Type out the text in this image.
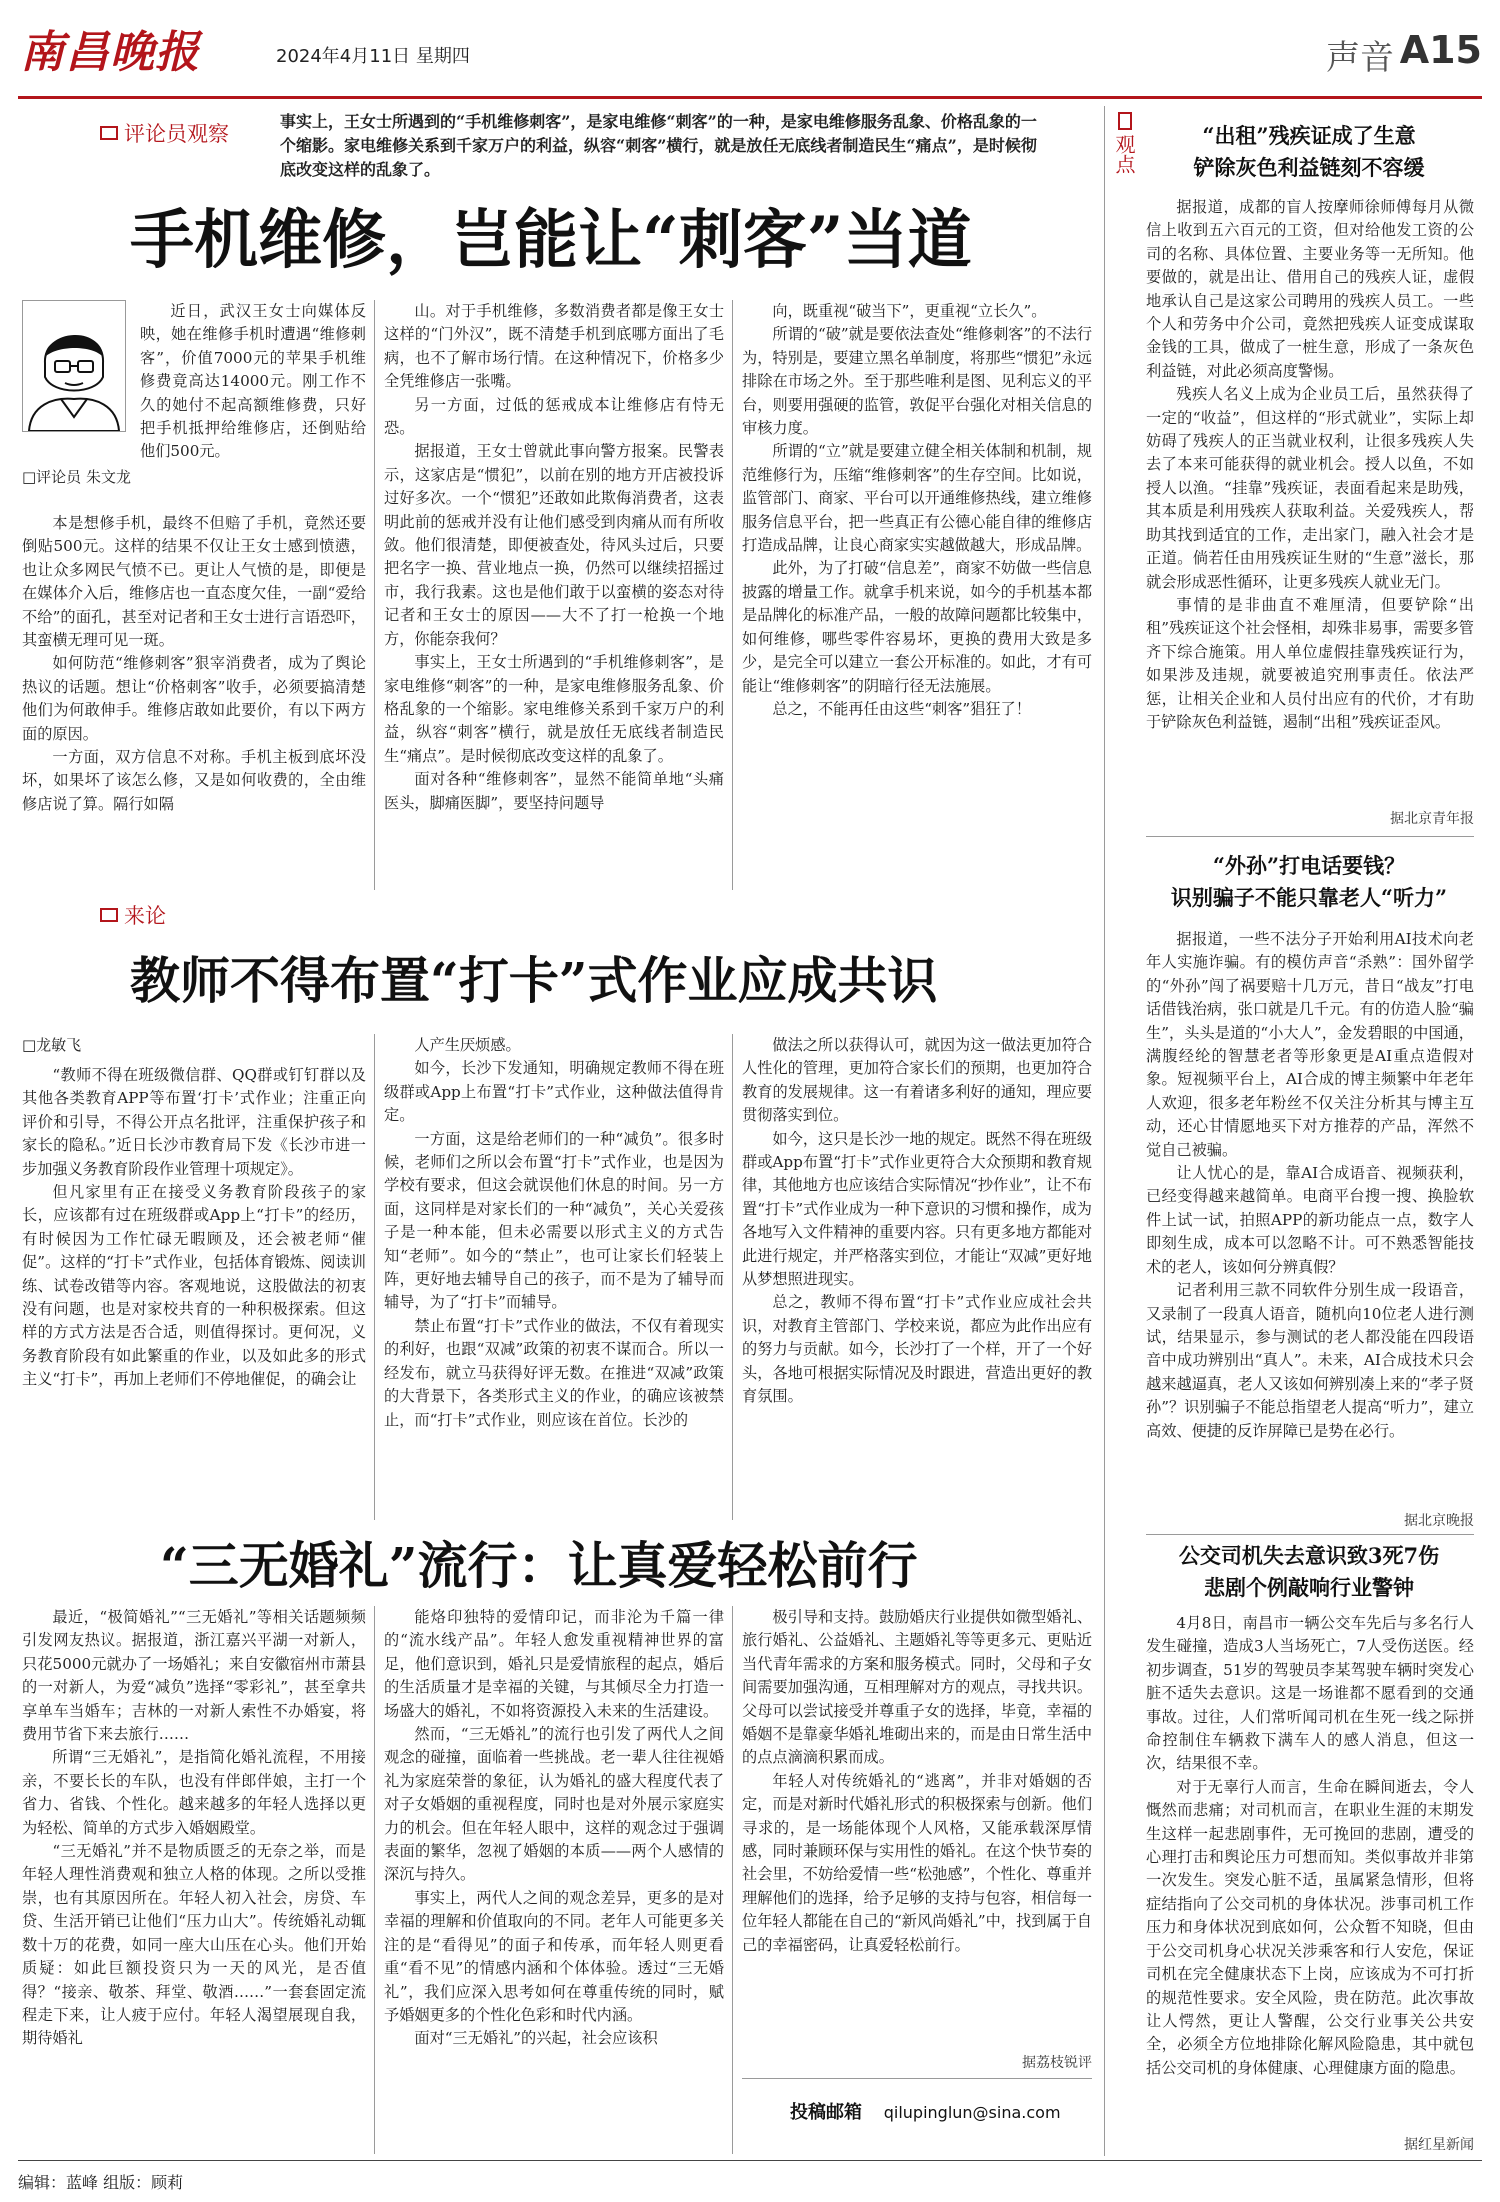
南昌晚报	2024年4月11日 星期四	声音 A15
评论员观察
事实上，王女士所遇到的“手机维修刺客”，是家电维修“刺客”的一种，是家电维修服务乱象、价格乱象的一个缩影。家电维修关系到千家万户的利益，纵容“刺客”横行，就是放任无底线者制造民生“痛点”，是时候彻底改变这样的乱象了。
手机维修，岂能让“刺客”当道
□评论员 朱文龙

近日，武汉王女士向媒体反映，她在维修手机时遭遇“维修刺客”，价值7000元的苹果手机维修费竟高达14000元。刚工作不久的她付不起高额维修费，只好把手机抵押给维修店，还倒贴给他们500元。

本是想修手机，最终不但赔了手机，竟然还要倒贴500元。这样的结果不仅让王女士感到愤懑，也让众多网民气愤不已。更让人气愤的是，即便是在媒体介入后，维修店也一直态度欠佳，一副“爱给不给”的面孔，甚至对记者和王女士进行言语恐吓，其蛮横无理可见一斑。

如何防范“维修刺客”狠宰消费者，成为了舆论热议的话题。想让“价格刺客”收手，必须要搞清楚他们为何敢伸手。维修店敢如此要价，有以下两方面的原因。

一方面，双方信息不对称。手机主板到底坏没坏，如果坏了该怎么修，又是如何收费的，全由维修店说了算。隔行如隔

山。对于手机维修，多数消费者都是像王女士这样的“门外汉”，既不清楚手机到底哪方面出了毛病，也不了解市场行情。在这种情况下，价格多少全凭维修店一张嘴。

另一方面，过低的惩戒成本让维修店有恃无恐。

据报道，王女士曾就此事向警方报案。民警表示，这家店是“惯犯”，以前在别的地方开店被投诉过好多次。一个“惯犯”还敢如此欺侮消费者，这表明此前的惩戒并没有让他们感受到肉痛从而有所收敛。他们很清楚，即便被查处，待风头过后，只要把名字一换、营业地点一换，仍然可以继续招摇过市，我行我素。这也是他们敢于以蛮横的姿态对待记者和王女士的原因——大不了打一枪换一个地方，你能奈我何？

事实上，王女士所遇到的“手机维修刺客”，是家电维修“刺客”的一种，是家电维修服务乱象、价格乱象的一个缩影。家电维修关系到千家万户的利益，纵容“刺客”横行，就是放任无底线者制造民生“痛点”。是时候彻底改变这样的乱象了。

面对各种“维修刺客”，显然不能简单地“头痛医头，脚痛医脚”，要坚持问题导

向，既重视“破当下”，更重视“立长久”。

所谓的“破”就是要依法查处“维修刺客”的不法行为，特别是，要建立黑名单制度，将那些“惯犯”永远排除在市场之外。至于那些唯利是图、见利忘义的平台，则要用强硬的监管，敦促平台强化对相关信息的审核力度。

所谓的“立”就是要建立健全相关体制和机制，规范维修行为，压缩“维修刺客”的生存空间。比如说，监管部门、商家、平台可以开通维修热线，建立维修服务信息平台，把一些真正有公德心能自律的维修店打造成品牌，让良心商家实实越做越大，形成品牌。

此外，为了打破“信息差”，商家不妨做一些信息披露的增量工作。就拿手机来说，如今的手机基本都是品牌化的标准产品，一般的故障问题都比较集中，如何维修，哪些零件容易坏，更换的费用大致是多少，是完全可以建立一套公开标准的。如此，才有可能让“维修刺客”的阴暗行径无法施展。

总之，不能再任由这些“刺客”猖狂了！

来论
教师不得布置“打卡”式作业应成共识
□龙敏飞

“教师不得在班级微信群、QQ群或钉钉群以及其他各类教育APP等布置‘打卡’式作业；注重正向评价和引导，不得公开点名批评，注重保护孩子和家长的隐私。”近日长沙市教育局下发《长沙市进一步加强义务教育阶段作业管理十项规定》。

但凡家里有正在接受义务教育阶段孩子的家长，应该都有过在班级群或App上“打卡”的经历，有时候因为工作忙碌无暇顾及，还会被老师“催促”。这样的“打卡”式作业，包括体育锻炼、阅读训练、试卷改错等内容。客观地说，这股做法的初衷没有问题，也是对家校共育的一种积极探索。但这样的方式方法是否合适，则值得探讨。更何况，义务教育阶段有如此繁重的作业，以及如此多的形式主义“打卡”，再加上老师们不停地催促，的确会让

人产生厌烦感。

如今，长沙下发通知，明确规定教师不得在班级群或App上布置“打卡”式作业，这种做法值得肯定。

一方面，这是给老师们的一种“减负”。很多时候，老师们之所以会布置“打卡”式作业，也是因为学校有要求，但这会就误他们休息的时间。另一方面，这同样是对家长们的一种“减负”，关心关爱孩子是一种本能，但未必需要以形式主义的方式告知“老师”。如今的“禁止”，也可让家长们轻装上阵，更好地去辅导自己的孩子，而不是为了辅导而辅导，为了“打卡”而辅导。

禁止布置“打卡”式作业的做法，不仅有着现实的利好，也跟“双减”政策的初衷不谋而合。所以一经发布，就立马获得好评无数。在推进“双减”政策的大背景下，各类形式主义的作业，的确应该被禁止，而“打卡”式作业，则应该在首位。长沙的

做法之所以获得认可，就因为这一做法更加符合人性化的管理，更加符合家长们的预期，也更加符合教育的发展规律。这一有着诸多利好的通知，理应要贯彻落实到位。

如今，这只是长沙一地的规定。既然不得在班级群或App布置“打卡”式作业更符合大众预期和教育规律，其他地方也应该结合实际情况“抄作业”，让不布置“打卡”式作业成为一种下意识的习惯和操作，成为各地写入文件精神的重要内容。只有更多地方都能对此进行规定，并严格落实到位，才能让“双减”更好地从梦想照进现实。

总之，教师不得布置“打卡”式作业应成社会共识，对教育主管部门、学校来说，都应为此作出应有的努力与贡献。如今，长沙打了一个样，开了一个好头，各地可根据实际情况及时跟进，营造出更好的教育氛围。

“三无婚礼”流行：让真爱轻松前行

最近，“极简婚礼”“三无婚礼”等相关话题频频引发网友热议。据报道，浙江嘉兴平湖一对新人，只花5000元就办了一场婚礼；来自安徽宿州市萧县的一对新人，为爱“减负”选择“零彩礼”，甚至拿共享单车当婚车；吉林的一对新人索性不办婚宴，将费用节省下来去旅行……

所谓“三无婚礼”，是指简化婚礼流程，不用接亲，不要长长的车队，也没有伴郎伴娘，主打一个省力、省钱、个性化。越来越多的年轻人选择以更为轻松、简单的方式步入婚姻殿堂。

“三无婚礼”并不是物质匮乏的无奈之举，而是年轻人理性消费观和独立人格的体现。之所以受推崇，也有其原因所在。年轻人初入社会，房贷、车贷、生活开销已让他们“压力山大”。传统婚礼动辄数十万的花费，如同一座大山压在心头。他们开始质疑：如此巨额投资只为一天的风光，是否值得？“接亲、敬茶、拜堂、敬酒……”一套套固定流程走下来，让人疲于应付。年轻人渴望展现自我，期待婚礼

能烙印独特的爱情印记，而非沦为千篇一律的“流水线产品”。年轻人愈发重视精神世界的富足，他们意识到，婚礼只是爱情旅程的起点，婚后的生活质量才是幸福的关键，与其倾尽全力打造一场盛大的婚礼，不如将资源投入未来的生活建设。

然而，“三无婚礼”的流行也引发了两代人之间观念的碰撞，面临着一些挑战。老一辈人往往视婚礼为家庭荣誉的象征，认为婚礼的盛大程度代表了对子女婚姻的重视程度，同时也是对外展示家庭实力的机会。但在年轻人眼中，这样的观念过于强调表面的繁华，忽视了婚姻的本质——两个人感情的深沉与持久。

事实上，两代人之间的观念差异，更多的是对幸福的理解和价值取向的不同。老年人可能更多关注的是“看得见”的面子和传承，而年轻人则更看重“看不见”的情感内涵和个体体验。透过“三无婚礼”，我们应深入思考如何在尊重传统的同时，赋予婚姻更多的个性化色彩和时代内涵。

面对“三无婚礼”的兴起，社会应该积

极引导和支持。鼓励婚庆行业提供如微型婚礼、旅行婚礼、公益婚礼、主题婚礼等等更多元、更贴近当代青年需求的方案和服务模式。同时，父母和子女间需要加强沟通，互相理解对方的观点，寻找共识。父母可以尝试接受并尊重子女的选择，毕竟，幸福的婚姻不是靠豪华婚礼堆砌出来的，而是由日常生活中的点点滴滴积累而成。

年轻人对传统婚礼的“逃离”，并非对婚姻的否定，而是对新时代婚礼形式的积极探索与创新。他们寻求的，是一场能体现个人风格，又能承载深厚情感，同时兼顾环保与实用性的婚礼。在这个快节奏的社会里，不妨给爱情一些“松弛感”，个性化、尊重并理解他们的选择，给予足够的支持与包容，相信每一位年轻人都能在自己的“新风尚婚礼”中，找到属于自己的幸福密码，让真爱轻松前行。

据荔枝锐评
投稿邮箱 qilupinglun@sina.com
观点	“出租”残疾证成了生意
铲除灰色利益链刻不容缓

据报道，成都的盲人按摩师徐师傅每月从微信上收到五六百元的工资，但对给他发工资的公司的名称、具体位置、主要业务等一无所知。他要做的，就是出让、借用自己的残疾人证，虚假地承认自己是这家公司聘用的残疾人员工。一些个人和劳务中介公司，竟然把残疾人证变成谋取金钱的工具，做成了一桩生意，形成了一条灰色利益链，对此必须高度警惕。

残疾人名义上成为企业员工后，虽然获得了一定的“收益”，但这样的“形式就业”，实际上却妨碍了残疾人的正当就业权利，让很多残疾人失去了本来可能获得的就业机会。授人以鱼，不如授人以渔。“挂靠”残疾证，表面看起来是助残，其本质是利用残疾人获取利益。关爱残疾人，帮助其找到适宜的工作，走出家门，融入社会才是正道。倘若任由用残疾证生财的“生意”滋长，那就会形成恶性循环，让更多残疾人就业无门。

事情的是非曲直不难厘清，但要铲除“出租”残疾证这个社会怪相，却殊非易事，需要多管齐下综合施策。用人单位虚假挂靠残疾证行为，如果涉及违规，就要被追究刑事责任。依法严惩，让相关企业和人员付出应有的代价，才有助于铲除灰色利益链，遏制“出租”残疾证歪风。

据北京青年报
“外孙”打电话要钱？
识别骗子不能只靠老人“听力”

据报道，一些不法分子开始利用AI技术向老年人实施诈骗。有的模仿声音“杀熟”：国外留学的“外孙”闯了祸要赔十几万元，昔日“战友”打电话借钱治病，张口就是几千元。有的仿造人脸“骗生”，头头是道的“小大人”，金发碧眼的中国通，满腹经纶的智慧老者等形象更是AI重点造假对象。短视频平台上，AI合成的博主频繁中年老年人欢迎，很多老年粉丝不仅关注分析其与博主互动，还心甘情愿地买下对方推荐的产品，浑然不觉自己被骗。

让人忧心的是，靠AI合成语音、视频获利，已经变得越来越简单。电商平台搜一搜、换脸软件上试一试，拍照APP的新功能点一点，数字人即刻生成，成本可以忽略不计。可不熟悉智能技术的老人，该如何分辨真假？

记者利用三款不同软件分别生成一段语音，又录制了一段真人语音，随机向10位老人进行测试，结果显示，参与测试的老人都没能在四段语音中成功辨别出“真人”。未来，AI合成技术只会越来越逼真，老人又该如何辨别凑上来的“孝子贤孙”？识别骗子不能总指望老人提高“听力”，建立高效、便捷的反诈屏障已是势在必行。

据北京晚报
公交司机失去意识致3死7伤
悲剧个例敲响行业警钟

4月8日，南昌市一辆公交车先后与多名行人发生碰撞，造成3人当场死亡，7人受伤送医。经初步调查，51岁的驾驶员李某驾驶车辆时突发心脏不适失去意识。这是一场谁都不愿看到的交通事故。过往，人们常听闻司机在生死一线之际拼命控制住车辆救下满车人的感人消息，但这一次，结果很不幸。

对于无辜行人而言，生命在瞬间逝去，令人慨然而悲痛；对司机而言，在职业生涯的末期发生这样一起悲剧事件，无可挽回的悲剧，遭受的心理打击和舆论压力可想而知。类似事故并非第一次发生。突发心脏不适，虽属紧急情形，但将症结指向了公交司机的身体状况。涉事司机工作压力和身体状况到底如何，公众暂不知晓，但由于公交司机身心状况关涉乘客和行人安危，保证司机在完全健康状态下上岗，应该成为不可打折的规范性要求。安全风险，贵在防范。此次事故让人愕然，更让人警醒，公交行业事关公共安全，必须全方位地排除化解风险隐患，其中就包括公交司机的身体健康、心理健康方面的隐患。

据红星新闻
编辑：蓝峰 组版：顾莉
